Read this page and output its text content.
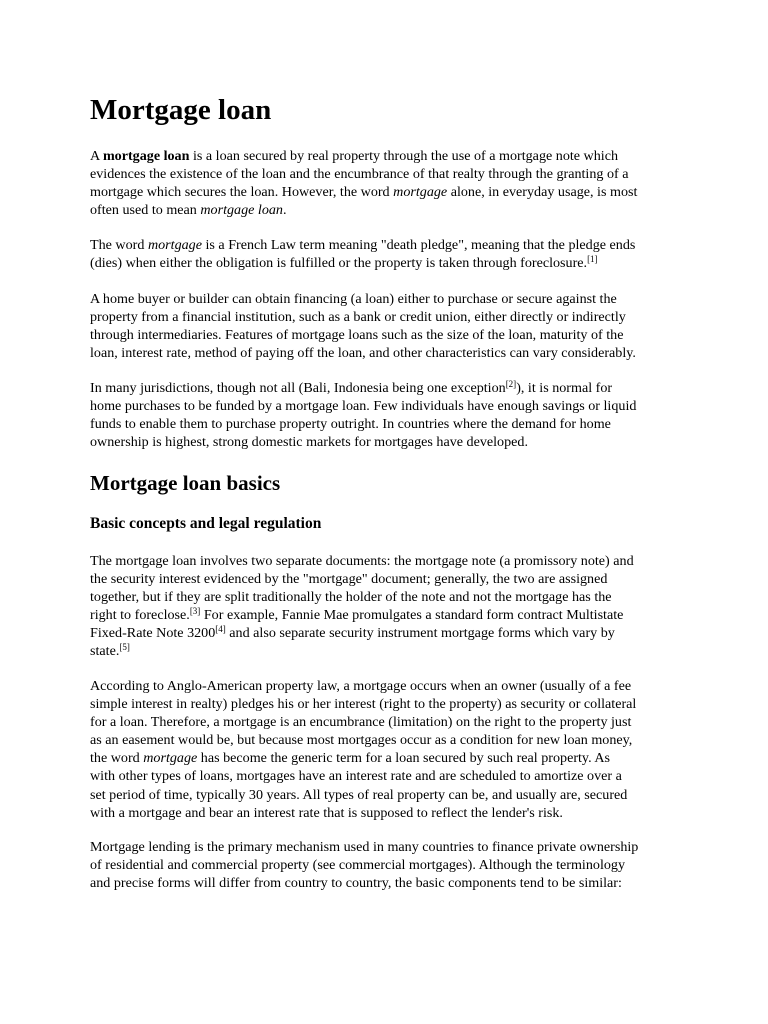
Mortgage loan

A mortgage loan is a loan secured by real property through the use of a mortgage note which
evidences the existence of the loan and the encumbrance of that realty through the granting of a
mortgage which secures the loan. However, the word mortgage alone, in everyday usage, is most
often used to mean mortgage loan.

The word mortgage is a French Law term meaning "death pledge", meaning that the pledge ends
(dies) when either the obligation is fulfilled or the property is taken through foreclosure.[1]

A home buyer or builder can obtain financing (a loan) either to purchase or secure against the
property from a financial institution, such as a bank or credit union, either directly or indirectly
through intermediaries. Features of mortgage loans such as the size of the loan, maturity of the
loan, interest rate, method of paying off the loan, and other characteristics can vary considerably.

In many jurisdictions, though not all (Bali, Indonesia being one exception[2]), it is normal for
home purchases to be funded by a mortgage loan. Few individuals have enough savings or liquid
funds to enable them to purchase property outright. In countries where the demand for home
ownership is highest, strong domestic markets for mortgages have developed.

Mortgage loan basics
Basic concepts and legal regulation

The mortgage loan involves two separate documents: the mortgage note (a promissory note) and
the security interest evidenced by the "mortgage" document; generally, the two are assigned
together, but if they are split traditionally the holder of the note and not the mortgage has the
right to foreclose.[3] For example, Fannie Mae promulgates a standard form contract Multistate
Fixed-Rate Note 3200[4] and also separate security instrument mortgage forms which vary by
state.[5]

According to Anglo-American property law, a mortgage occurs when an owner (usually of a fee
simple interest in realty) pledges his or her interest (right to the property) as security or collateral
for a loan. Therefore, a mortgage is an encumbrance (limitation) on the right to the property just
as an easement would be, but because most mortgages occur as a condition for new loan money,
the word mortgage has become the generic term for a loan secured by such real property. As
with other types of loans, mortgages have an interest rate and are scheduled to amortize over a
set period of time, typically 30 years. All types of real property can be, and usually are, secured
with a mortgage and bear an interest rate that is supposed to reflect the lender's risk.

Mortgage lending is the primary mechanism used in many countries to finance private ownership
of residential and commercial property (see commercial mortgages). Although the terminology
and precise forms will differ from country to country, the basic components tend to be similar:
